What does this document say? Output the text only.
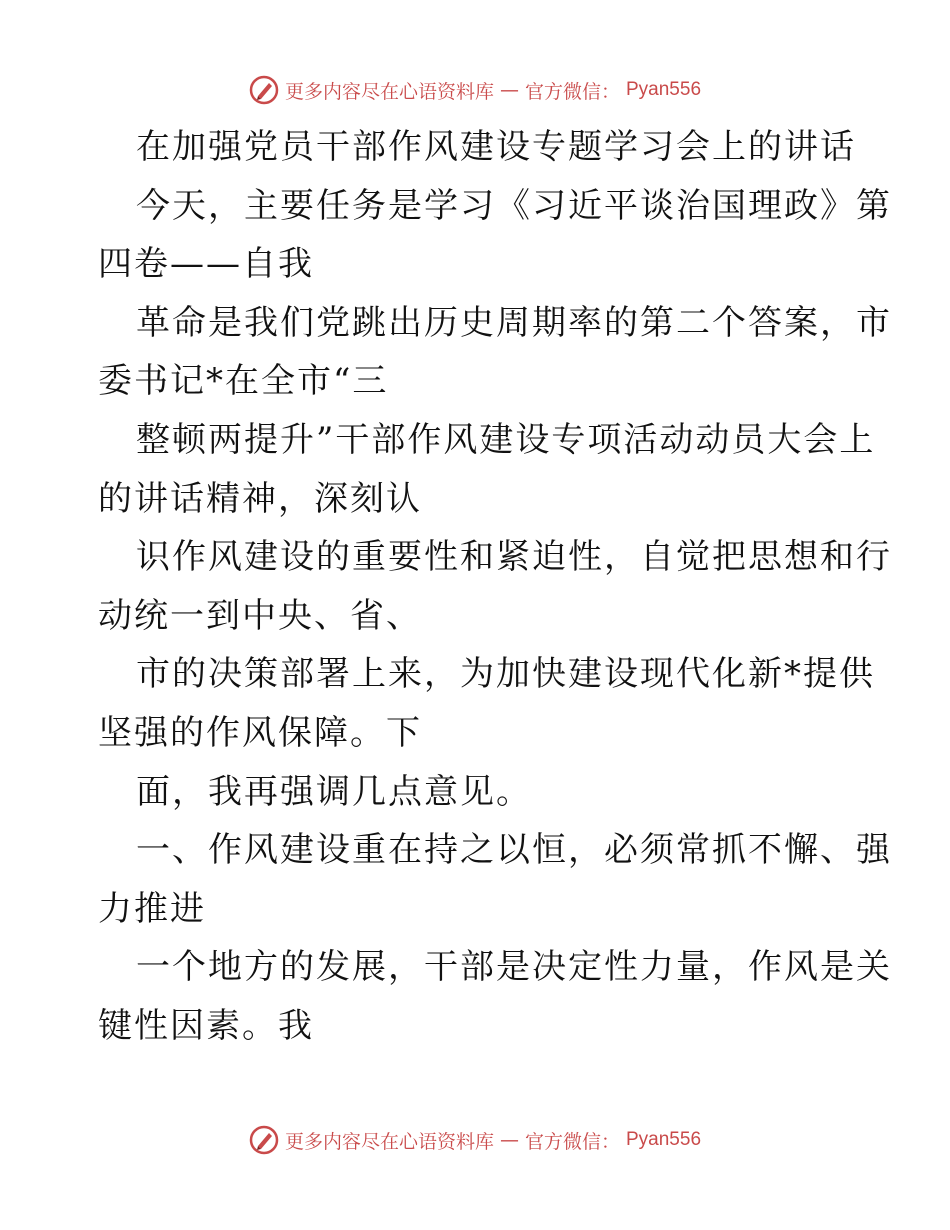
更多内容尽在心语资料库 — 官方微信： Pyan556
在加强党员干部作风建设专题学习会上的讲话
今天，主要任务是学习《习近平谈治国理政》第
四卷——自我
革命是我们党跳出历史周期率的第二个答案，市
委书记*在全市“三
整顿两提升”干部作风建设专项活动动员大会上
的讲话精神，深刻认
识作风建设的重要性和紧迫性，自觉把思想和行
动统一到中央、省、
市的决策部署上来，为加快建设现代化新*提供
坚强的作风保障。下
面，我再强调几点意见。
一、作风建设重在持之以恒，必须常抓不懈、强
力推进
一个地方的发展，干部是决定性力量，作风是关
键性因素。我
更多内容尽在心语资料库 — 官方微信： Pyan556
